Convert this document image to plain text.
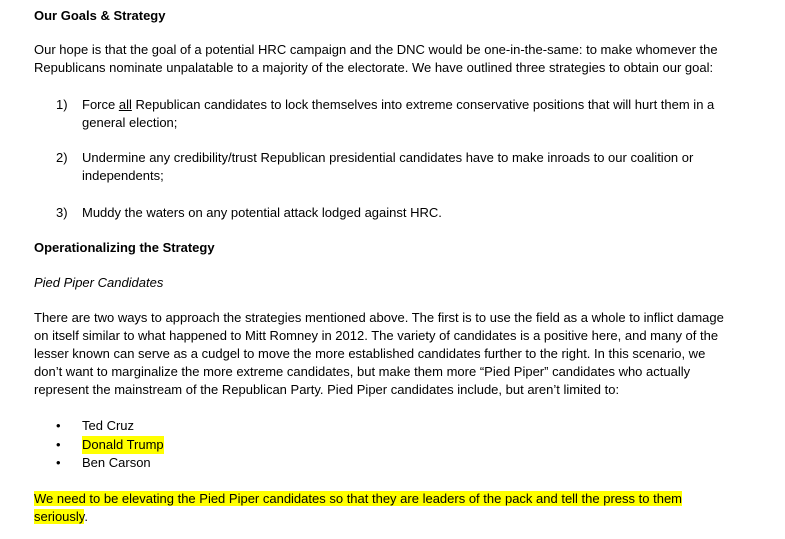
Our Goals & Strategy
Our hope is that the goal of a potential HRC campaign and the DNC would be one-in-the-same: to make whomever the
Republicans nominate unpalatable to a majority of the electorate. We have outlined three strategies to obtain our goal:
1) Force all Republican candidates to lock themselves into extreme conservative positions that will hurt them in a
general election;
2) Undermine any credibility/trust Republican presidential candidates have to make inroads to our coalition or
independents;
3) Muddy the waters on any potential attack lodged against HRC.
Operationalizing the Strategy
Pied Piper Candidates
There are two ways to approach the strategies mentioned above. The first is to use the field as a whole to inflict damage
on itself similar to what happened to Mitt Romney in 2012. The variety of candidates is a positive here, and many of the
lesser known can serve as a cudgel to move the more established candidates further to the right. In this scenario, we
don’t want to marginalize the more extreme candidates, but make them more “Pied Piper” candidates who actually
represent the mainstream of the Republican Party. Pied Piper candidates include, but aren’t limited to:
• Ted Cruz
• Donald Trump
• Ben Carson
We need to be elevating the Pied Piper candidates so that they are leaders of the pack and tell the press to them
seriously.
